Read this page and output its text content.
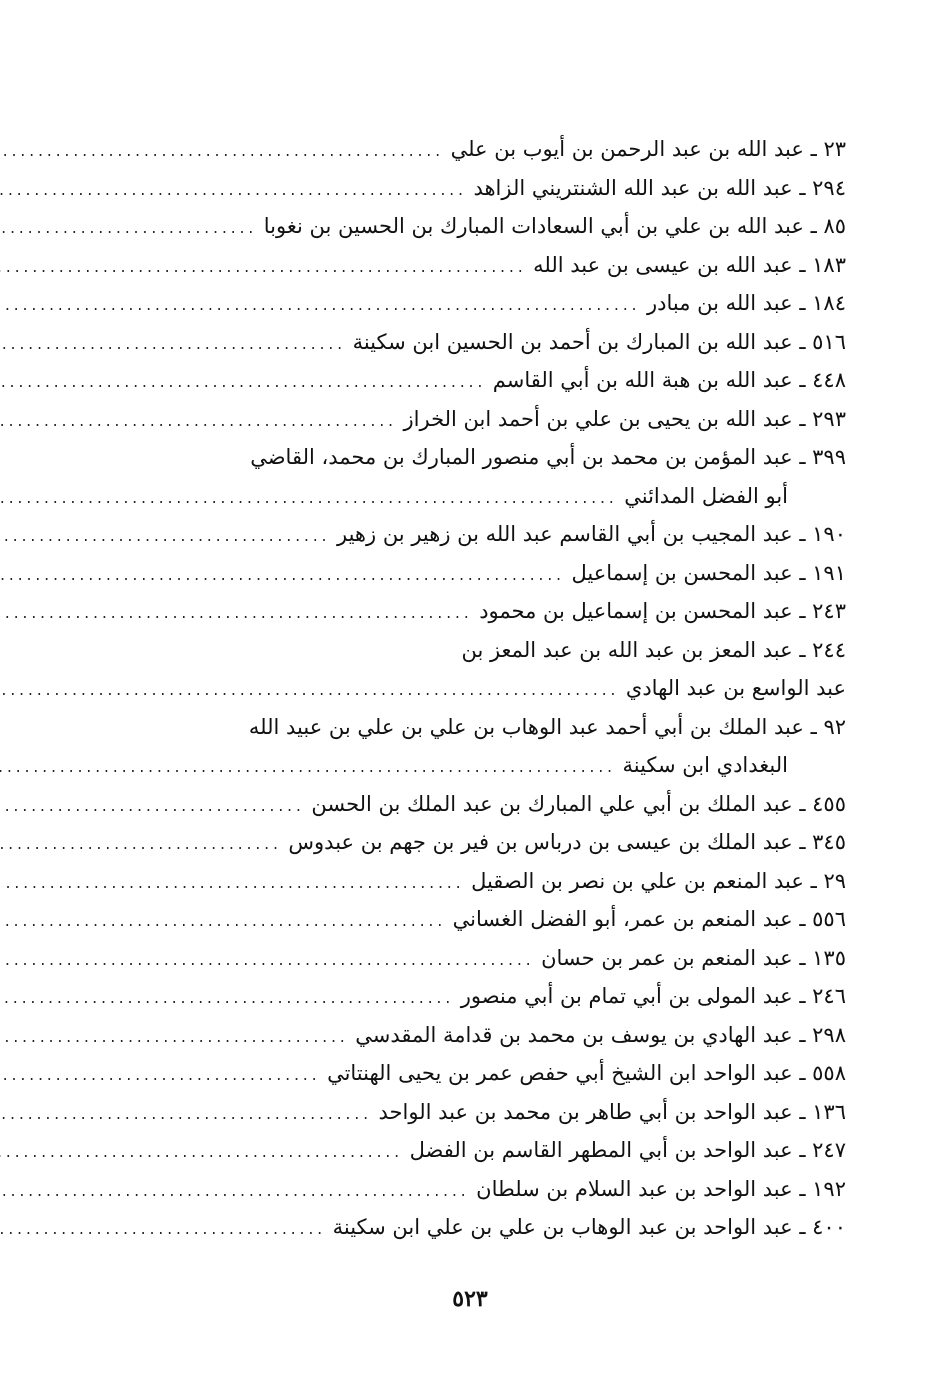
٢٣ ـ عبد الله بن عبد الرحمن بن أيوب بن علي
.....
٢٩٤ ـ عبد الله بن عبد الله الشنتريني الزاهد
.....
٨٥ ـ عبد الله بن علي بن أبي السعادات المبارك بن الحسين بن نغوبا
.....
١٨٣ ـ عبد الله بن عيسى بن عبد الله
.....
١٨٤ ـ عبد الله بن مبادر
.....
٥١٦ ـ عبد الله بن المبارك بن أحمد بن الحسين ابن سكينة
.....
٤٤٨ ـ عبد الله بن هبة الله بن أبي القاسم
.....
٢٩٣ ـ عبد الله بن يحيى بن علي بن أحمد ابن الخراز
.....
٣٩٩ ـ عبد المؤمن بن محمد بن أبي منصور المبارك بن محمد، القاضي
أبو الفضل المدائني
.....
١٩٠ ـ عبد المجيب بن أبي القاسم عبد الله بن زهير بن زهير
.....
١٩١ ـ عبد المحسن بن إسماعيل
.....
٢٤٣ ـ عبد المحسن بن إسماعيل بن محمود
.....
٢٤٤ ـ عبد المعز بن عبد الله بن عبد المعز بن
عبد الواسع بن عبد الهادي
.....
٩٢ ـ عبد الملك بن أبي أحمد عبد الوهاب بن علي بن علي بن عبيد الله
البغدادي ابن سكينة
.....
٤٥٥ ـ عبد الملك بن أبي علي المبارك بن عبد الملك بن الحسن
.....
٣٤٥ ـ عبد الملك بن عيسى بن درباس بن فير بن جهم بن عبدوس
.....
٢٩ ـ عبد المنعم بن علي بن نصر بن الصقيل
.....
٥٥٦ ـ عبد المنعم بن عمر، أبو الفضل الغساني
.....
١٣٥ ـ عبد المنعم بن عمر بن حسان
.....
٢٤٦ ـ عبد المولى بن أبي تمام بن أبي منصور
.....
٢٩٨ ـ عبد الهادي بن يوسف بن محمد بن قدامة المقدسي
.....
٥٥٨ ـ عبد الواحد ابن الشيخ أبي حفص عمر بن يحيى الهنتاتي
.....
١٣٦ ـ عبد الواحد بن أبي طاهر بن محمد بن عبد الواحد
.....
٢٤٧ ـ عبد الواحد بن أبي المطهر القاسم بن الفضل
.....
١٩٢ ـ عبد الواحد بن عبد السلام بن سلطان
.....
٤٠٠ ـ عبد الواحد بن عبد الوهاب بن علي بن علي ابن سكينة
.....
٥٢٣
